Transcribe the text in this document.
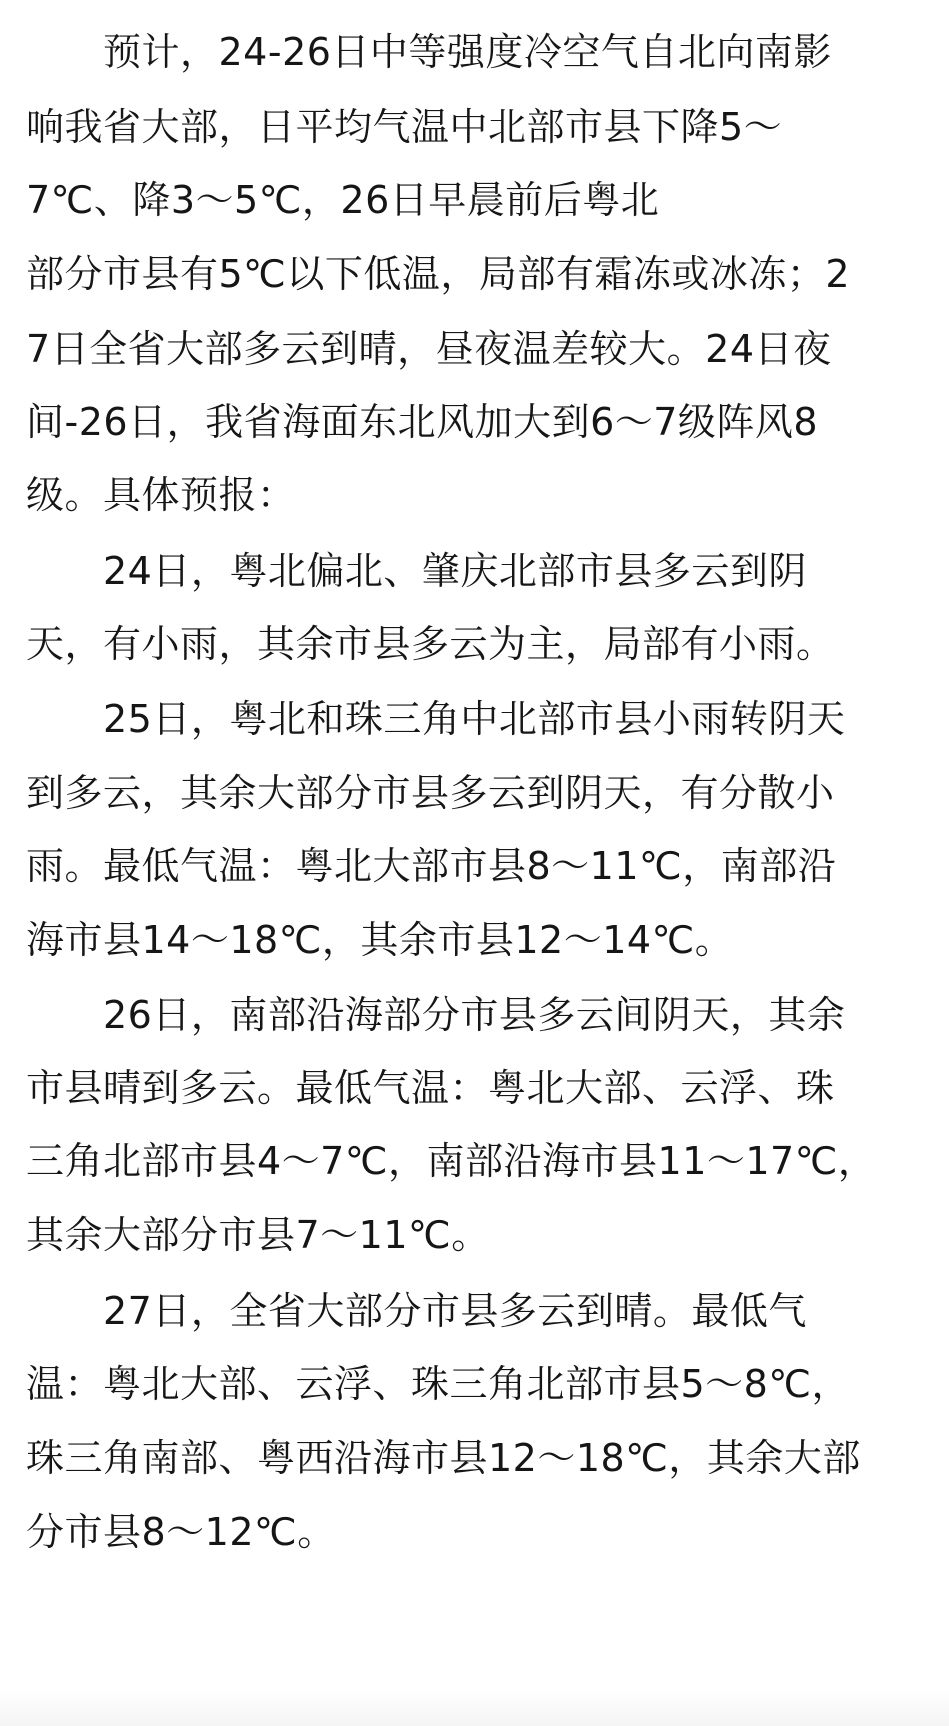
　　预计，24-26日中等强度冷空气自北向南影
响我省大部，日平均气温中北部市县下降5～
7℃、降3～5℃，26日早晨前后粤北
部分市县有5℃以下低温，局部有霜冻或冰冻；2
7日全省大部多云到晴，昼夜温差较大。24日夜
间-26日，我省海面东北风加大到6～7级阵风8
级。具体预报：
　　24日，粤北偏北、肇庆北部市县多云到阴
天，有小雨，其余市县多云为主，局部有小雨。
　　25日，粤北和珠三角中北部市县小雨转阴天
到多云，其余大部分市县多云到阴天，有分散小
雨。最低气温：粤北大部市县8～11℃，南部沿
海市县14～18℃，其余市县12～14℃。
　　26日，南部沿海部分市县多云间阴天，其余
市县晴到多云。最低气温：粤北大部、云浮、珠
三角北部市县4～7℃，南部沿海市县11～17℃，
其余大部分市县7～11℃。
　　27日，全省大部分市县多云到晴。最低气
温：粤北大部、云浮、珠三角北部市县5～8℃，
珠三角南部、粤西沿海市县12～18℃，其余大部
分市县8～12℃。
